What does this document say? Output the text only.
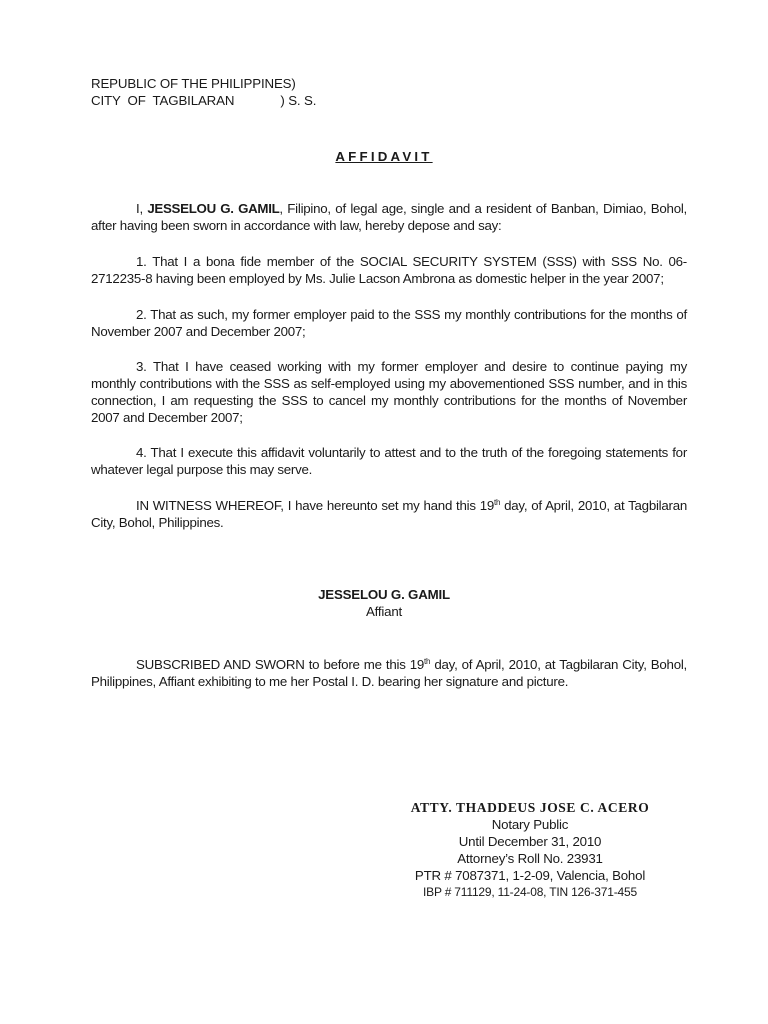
REPUBLIC OF THE PHILIPPINES)
CITY  OF  TAGBILARAN             ) S. S.
AFFIDAVIT
I, JESSELOU G. GAMIL, Filipino, of legal age, single and a resident of Banban, Dimiao, Bohol, after having been sworn in accordance with law, hereby depose and say:
1. That I a bona fide member of the SOCIAL SECURITY SYSTEM (SSS) with SSS No. 06-2712235-8 having been employed by Ms. Julie Lacson Ambrona as domestic helper in the year 2007;
2. That as such, my former employer paid to the SSS my monthly contributions for the months of November 2007 and December 2007;
3. That I have ceased working with my former employer and desire to continue paying my monthly contributions with the SSS as self-employed using my abovementioned SSS number, and in this connection, I am requesting the SSS to cancel my monthly contributions for the months of November 2007 and December 2007;
4. That I execute this affidavit voluntarily to attest and to the truth of the foregoing statements for whatever legal purpose this may serve.
IN WITNESS WHEREOF, I have hereunto set my hand this 19th day, of April, 2010, at Tagbilaran City, Bohol, Philippines.
JESSELOU G. GAMIL
Affiant
SUBSCRIBED AND SWORN to before me this 19th day, of April, 2010, at Tagbilaran City, Bohol, Philippines, Affiant exhibiting to me her Postal I. D. bearing her signature and picture.
ATTY. THADDEUS JOSE C. ACERO
Notary Public
Until December 31, 2010
Attorney’s Roll No. 23931
PTR # 7087371, 1-2-09, Valencia, Bohol
IBP # 711129, 11-24-08, TIN 126-371-455
